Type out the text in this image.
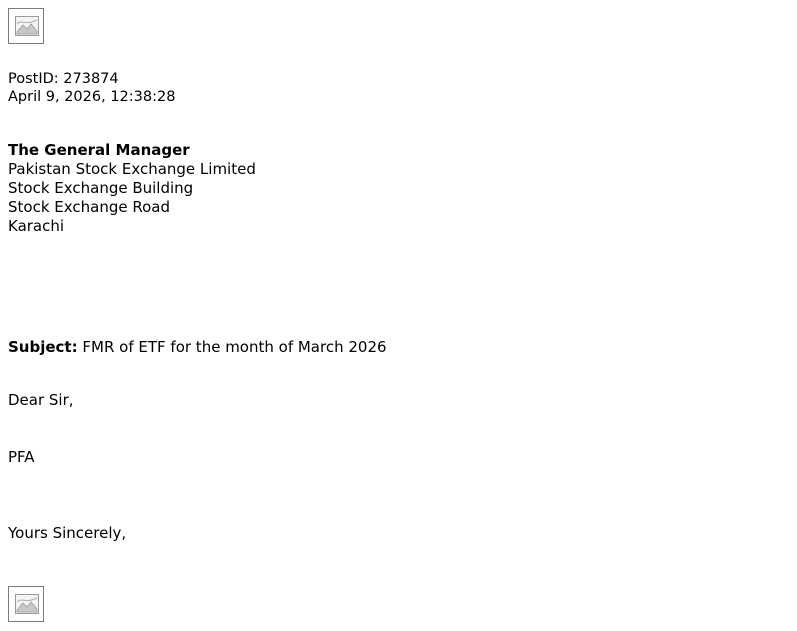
PostID: 273874
April 9, 2026, 12:38:28
The General Manager
Pakistan Stock Exchange Limited
Stock Exchange Building
Stock Exchange Road
Karachi
Subject: FMR of ETF for the month of March 2026
Dear Sir,
PFA
Yours Sincerely,
